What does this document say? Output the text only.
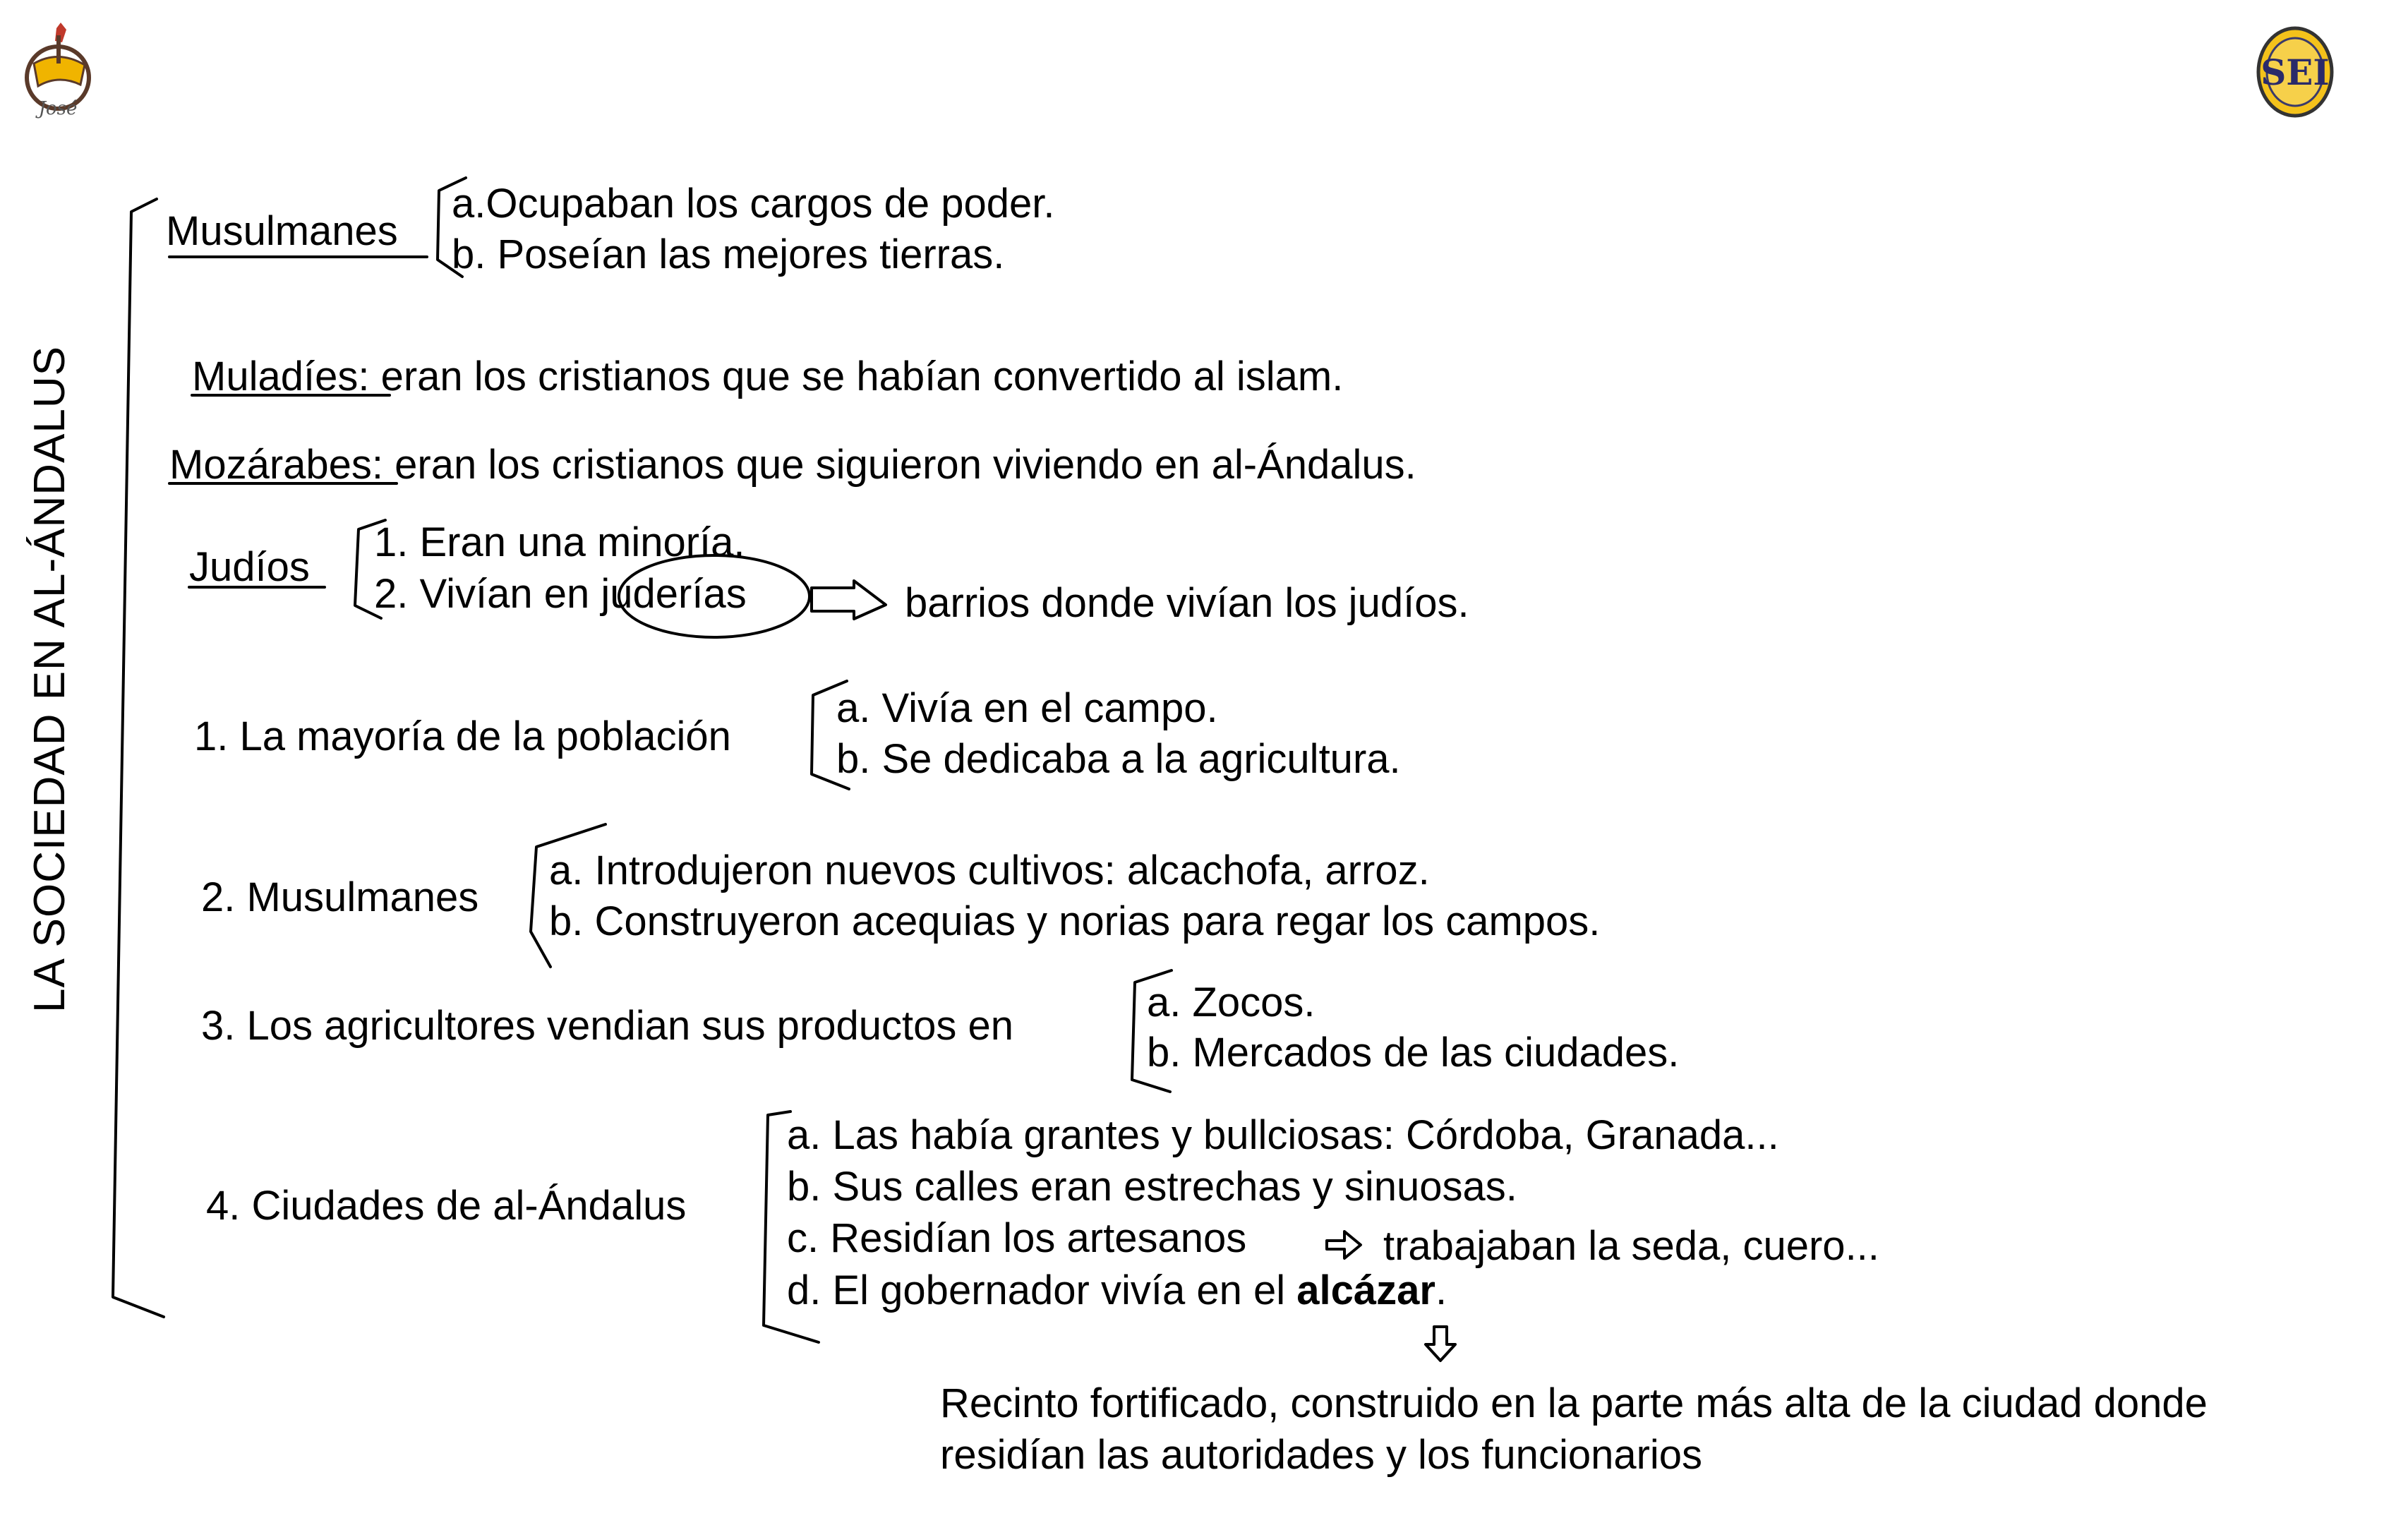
José
SEI
LA SOCIEDAD EN AL-ÁNDALUS
Musulmanes
a.Ocupaban los cargos de poder.
b. Poseían las mejores tierras.
Muladíes: eran los cristianos que se habían convertido al islam.
Mozárabes: eran los cristianos que siguieron viviendo en al-Ándalus.
Judíos
1. Eran una minoría.
2. Vivían en juderías	barrios donde vivían los judíos.
1. La mayoría de la población
a. Vivía en el campo.
b. Se dedicaba a la agricultura.
2. Musulmanes
a. Introdujeron nuevos cultivos: alcachofa, arroz.
b. Construyeron acequias y norias para regar los campos.
3. Los agricultores vendian sus productos en
a. Zocos.
b. Mercados de las ciudades.
4. Ciudades de al-Ándalus
a. Las había grantes y bullciosas: Córdoba, Granada...
b. Sus calles eran estrechas y sinuosas.
c. Residían los artesanos	trabajaban la seda, cuero...
d. El gobernador vivía en el alcázar.
Recinto fortificado, construido en la parte más alta de la ciudad donde
residían las autoridades y los funcionarios
